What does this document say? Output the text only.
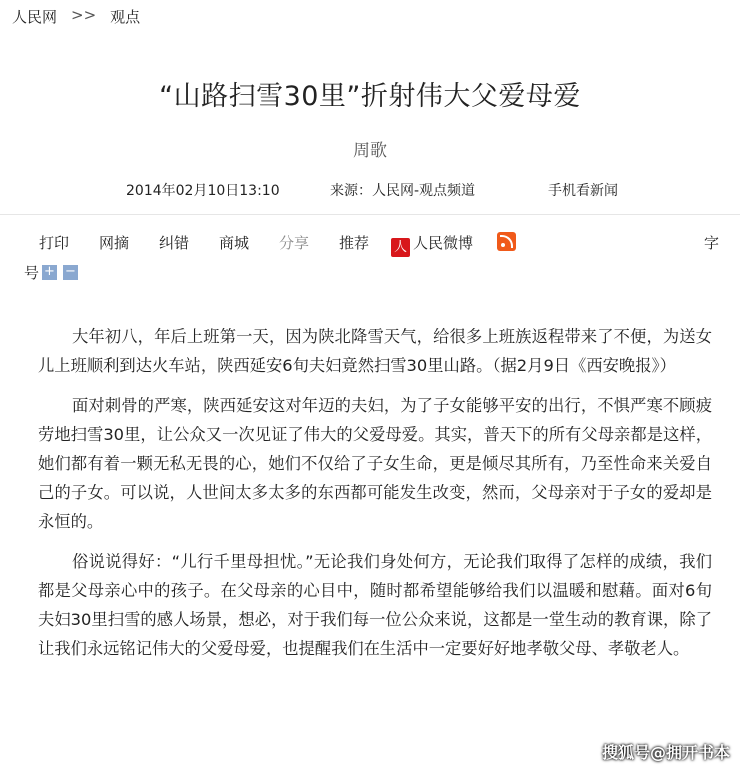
人民网 >> 观点
“山路扫雪30里”折射伟大父爱母爱
周歌
2014年02月10日13:10	来源：人民网-观点频道	手机看新闻
打印 网摘 纠错 商城 分享 推荐 人 人民微博	字
号 + −

大年初八，年后上班第一天，因为陕北降雪天气，给很多上班族返程带来了不便，为送女儿上班顺利到达火车站，陕西延安6旬夫妇竟然扫雪30里山路。（据2月9日《西安晚报》）

面对刺骨的严寒，陕西延安这对年迈的夫妇，为了子女能够平安的出行，不惧严寒不顾疲劳地扫雪30里，让公众又一次见证了伟大的父爱母爱。其实，普天下的所有父母亲都是这样，她们都有着一颗无私无畏的心，她们不仅给了子女生命，更是倾尽其所有，乃至性命来关爱自己的子女。可以说，人世间太多太多的东西都可能发生改变，然而，父母亲对于子女的爱却是永恒的。

俗说说得好：“儿行千里母担忧。”无论我们身处何方，无论我们取得了怎样的成绩，我们都是父母亲心中的孩子。在父母亲的心目中，随时都希望能够给我们以温暖和慰藉。面对6旬夫妇30里扫雪的感人场景，想必，对于我们每一位公众来说，这都是一堂生动的教育课，除了让我们永远铭记伟大的父爱母爱，也提醒我们在生活中一定要好好地孝敬父母、孝敬老人。

搜狐号@拥开书本
